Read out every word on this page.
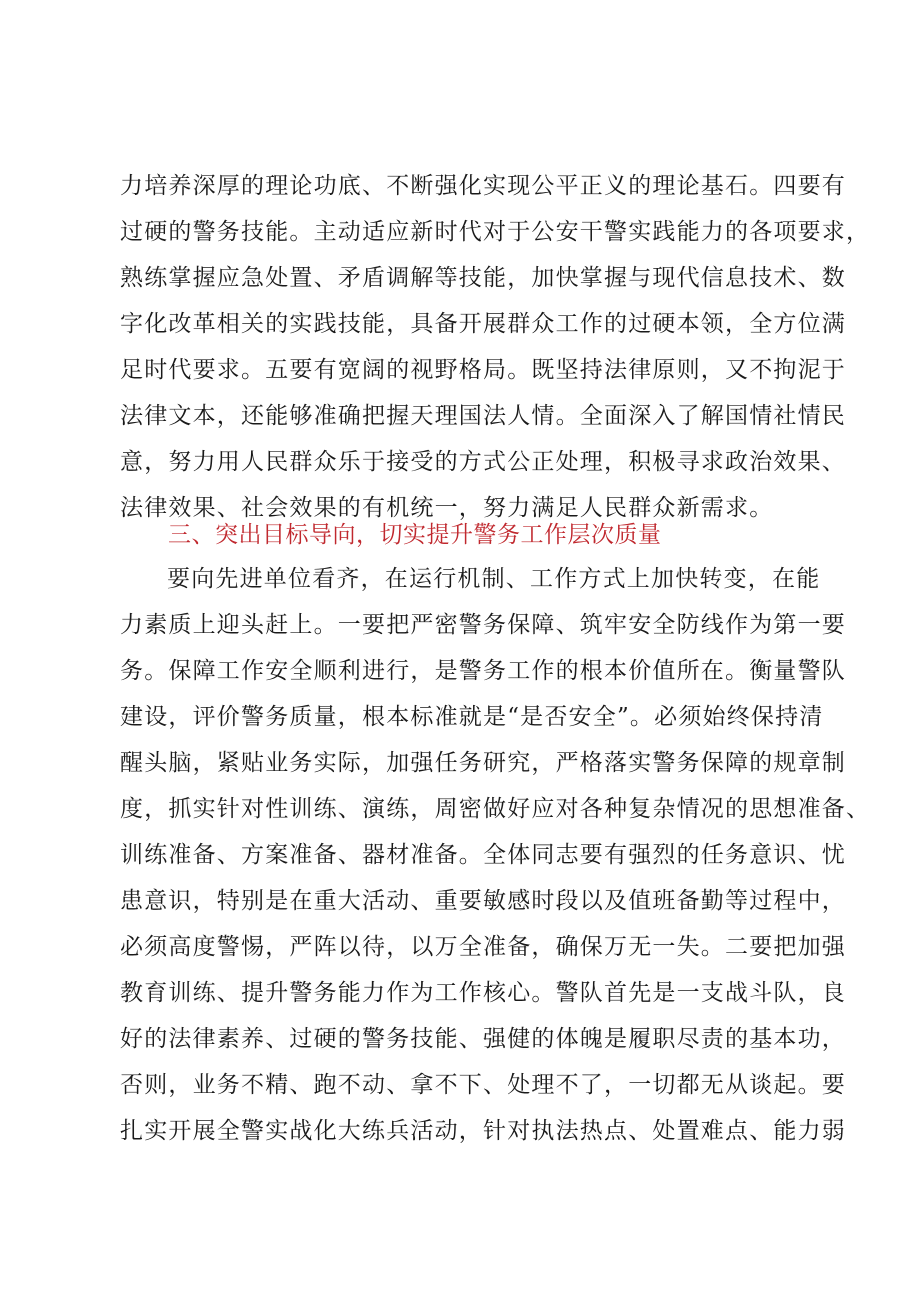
力培养深厚的理论功底、不断强化实现公平正义的理论基石。四要有
过硬的警务技能。主动适应新时代对于公安干警实践能力的各项要求，
熟练掌握应急处置、矛盾调解等技能，加快掌握与现代信息技术、数
字化改革相关的实践技能，具备开展群众工作的过硬本领，全方位满
足时代要求。五要有宽阔的视野格局。既坚持法律原则，又不拘泥于
法律文本，还能够准确把握天理国法人情。全面深入了解国情社情民
意，努力用人民群众乐于接受的方式公正处理，积极寻求政治效果、
法律效果、社会效果的有机统一，努力满足人民群众新需求。
三、突出目标导向，切实提升警务工作层次质量
要向先进单位看齐，在运行机制、工作方式上加快转变，在能
力素质上迎头赶上。一要把严密警务保障、筑牢安全防线作为第一要
务。保障工作安全顺利进行，是警务工作的根本价值所在。衡量警队
建设，评价警务质量，根本标准就是“是否安全”。必须始终保持清
醒头脑，紧贴业务实际，加强任务研究，严格落实警务保障的规章制
度，抓实针对性训练、演练，周密做好应对各种复杂情况的思想准备、
训练准备、方案准备、器材准备。全体同志要有强烈的任务意识、忧
患意识，特别是在重大活动、重要敏感时段以及值班备勤等过程中，
必须高度警惕，严阵以待，以万全准备，确保万无一失。二要把加强
教育训练、提升警务能力作为工作核心。警队首先是一支战斗队，良
好的法律素养、过硬的警务技能、强健的体魄是履职尽责的基本功，
否则，业务不精、跑不动、拿不下、处理不了，一切都无从谈起。要
扎实开展全警实战化大练兵活动，针对执法热点、处置难点、能力弱
